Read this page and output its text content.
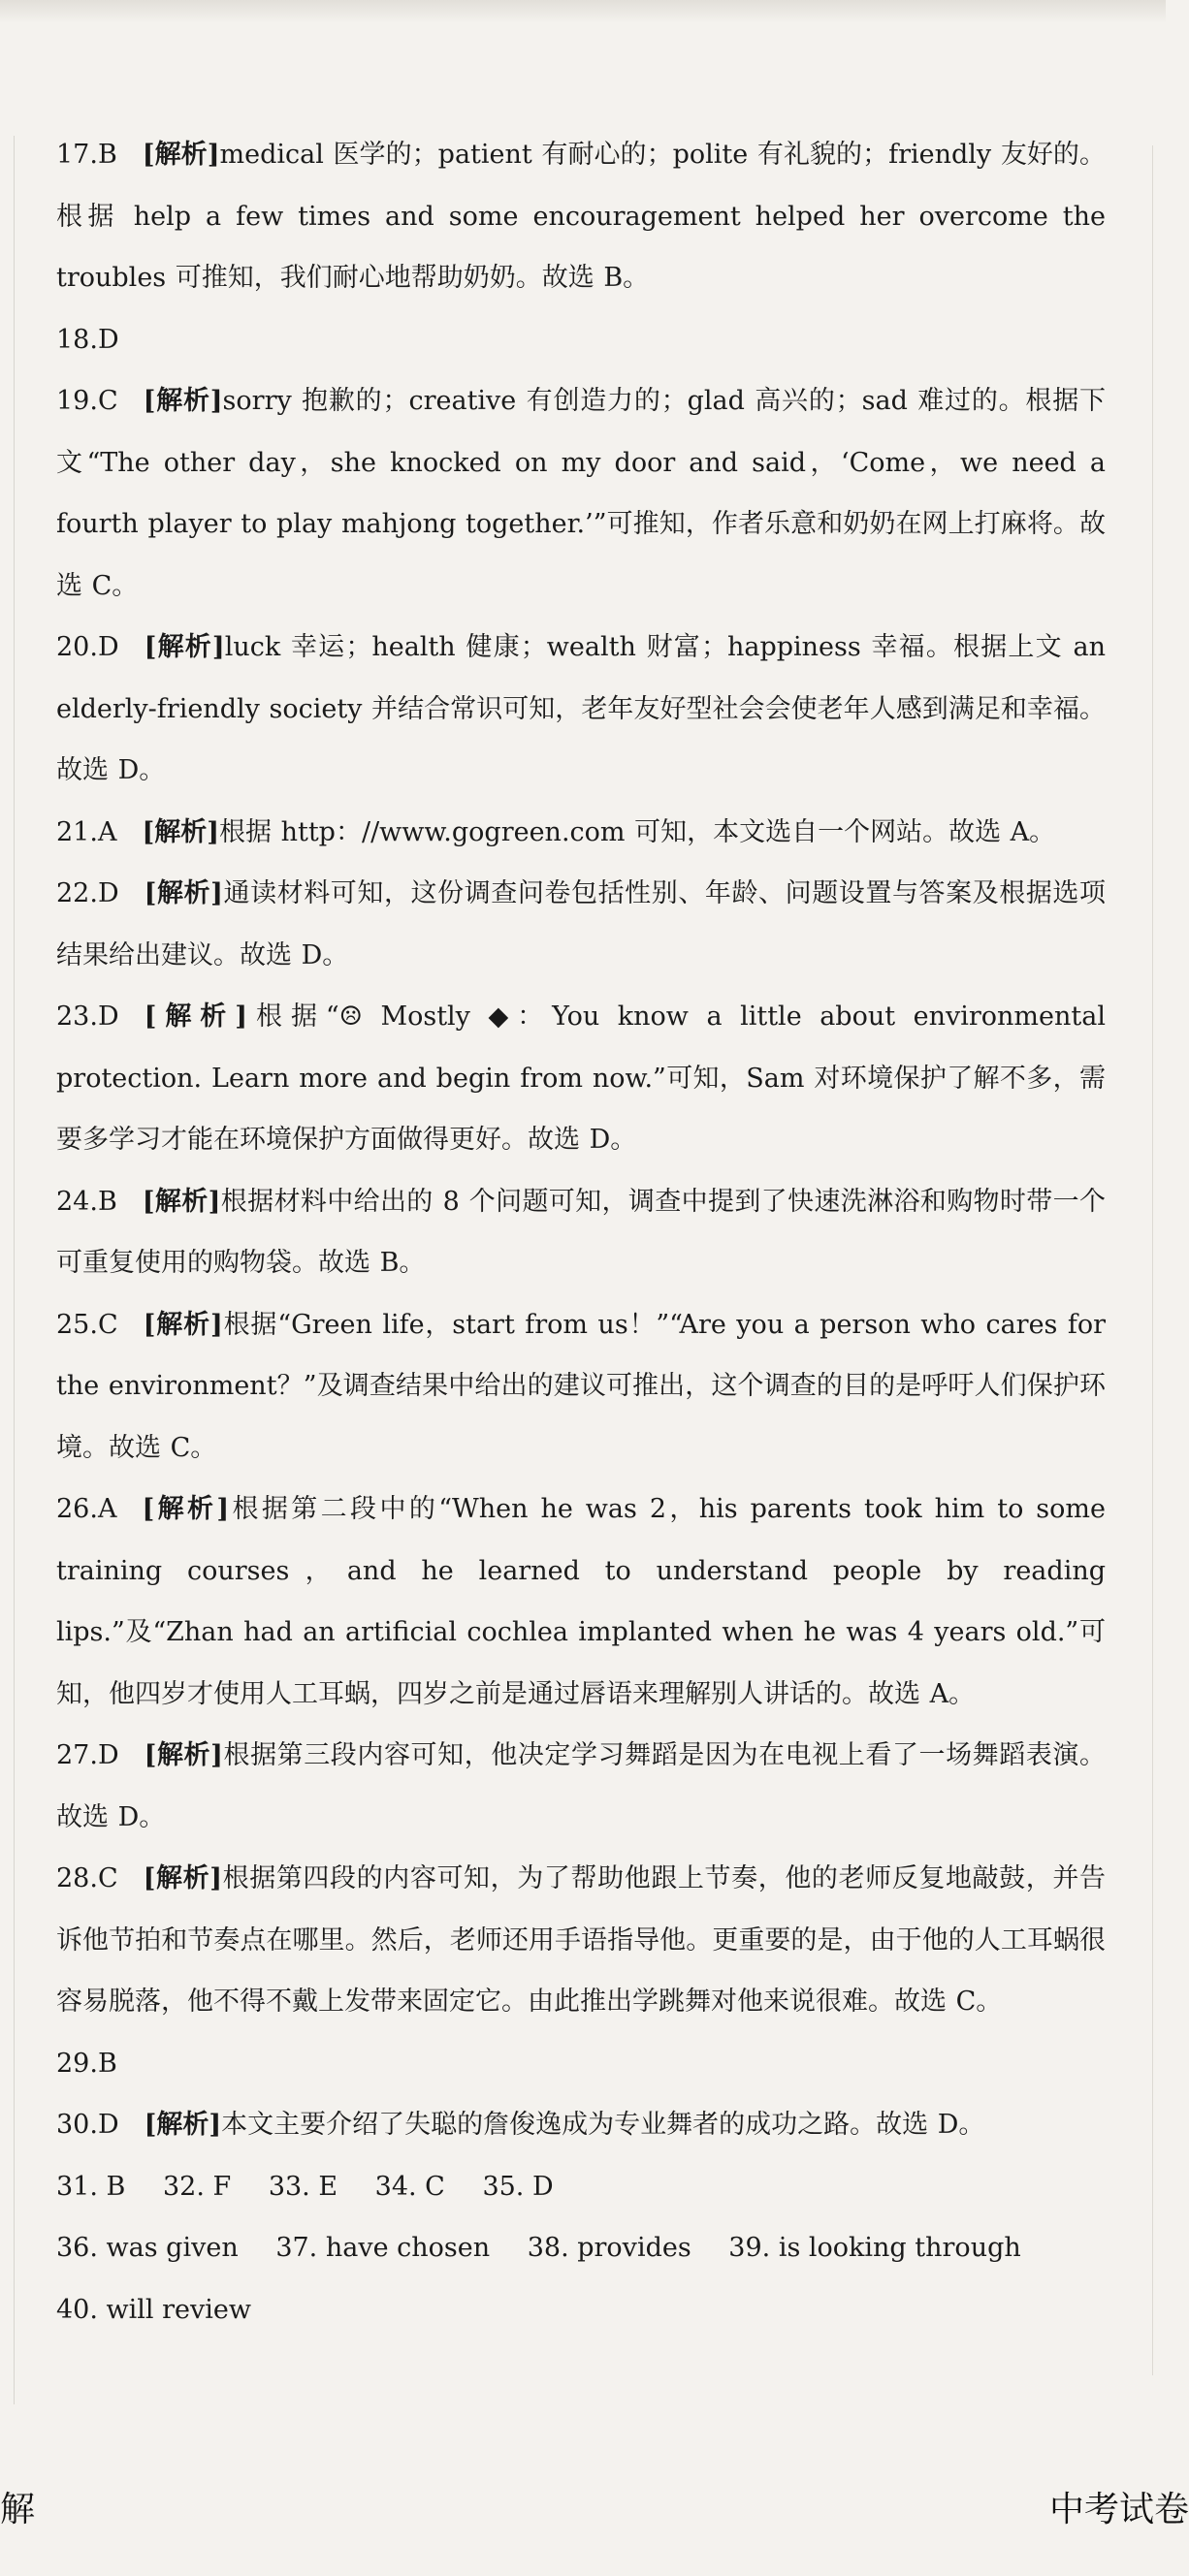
17.B [解析]medical 医学的；patient 有耐心的；polite 有礼貌的；friendly 友好的。根据 help a few times and some encouragement helped her overcome the troubles 可推知，我们耐心地帮助奶奶。故选 B。
18.D
19.C [解析]sorry 抱歉的；creative 有创造力的；glad 高兴的；sad 难过的。根据下文“The other day，she knocked on my door and said，‘Come，we need a fourth player to play mahjong together.’”可推知，作者乐意和奶奶在网上打麻将。故选 C。
20.D [解析]luck 幸运；health 健康；wealth 财富；happiness 幸福。根据上文 an elderly-friendly society 并结合常识可知，老年友好型社会会使老年人感到满足和幸福。故选 D。
21.A [解析]根据 http：//www.gogreen.com 可知，本文选自一个网站。故选 A。
22.D [解析]通读材料可知，这份调查问卷包括性别、年龄、问题设置与答案及根据选项结果给出建议。故选 D。
23.D [解析]根据“☹ Mostly ◆：You know a little about environmental protection. Learn more and begin from now.”可知，Sam 对环境保护了解不多，需要多学习才能在环境保护方面做得更好。故选 D。
24.B [解析]根据材料中给出的 8 个问题可知，调查中提到了快速洗淋浴和购物时带一个可重复使用的购物袋。故选 B。
25.C [解析]根据“Green life，start from us！”“Are you a person who cares for the environment？”及调查结果中给出的建议可推出，这个调查的目的是呼吁人们保护环境。故选 C。
26.A [解析]根据第二段中的“When he was 2，his parents took him to some training courses，and he learned to understand people by reading lips.”及“Zhan had an artificial cochlea implanted when he was 4 years old.”可知，他四岁才使用人工耳蜗，四岁之前是通过唇语来理解别人讲话的。故选 A。
27.D [解析]根据第三段内容可知，他决定学习舞蹈是因为在电视上看了一场舞蹈表演。故选 D。
28.C [解析]根据第四段的内容可知，为了帮助他跟上节奏，他的老师反复地敲鼓，并告诉他节拍和节奏点在哪里。然后，老师还用手语指导他。更重要的是，由于他的人工耳蜗很容易脱落，他不得不戴上发带来固定它。由此推出学跳舞对他来说很难。故选 C。
29.B
30.D [解析]本文主要介绍了失聪的詹俊逸成为专业舞者的成功之路。故选 D。
31. B 32. F 33. E 34. C 35. D
36. was given 37. have chosen 38. provides 39. is looking through
40. will review
解	中考试卷
